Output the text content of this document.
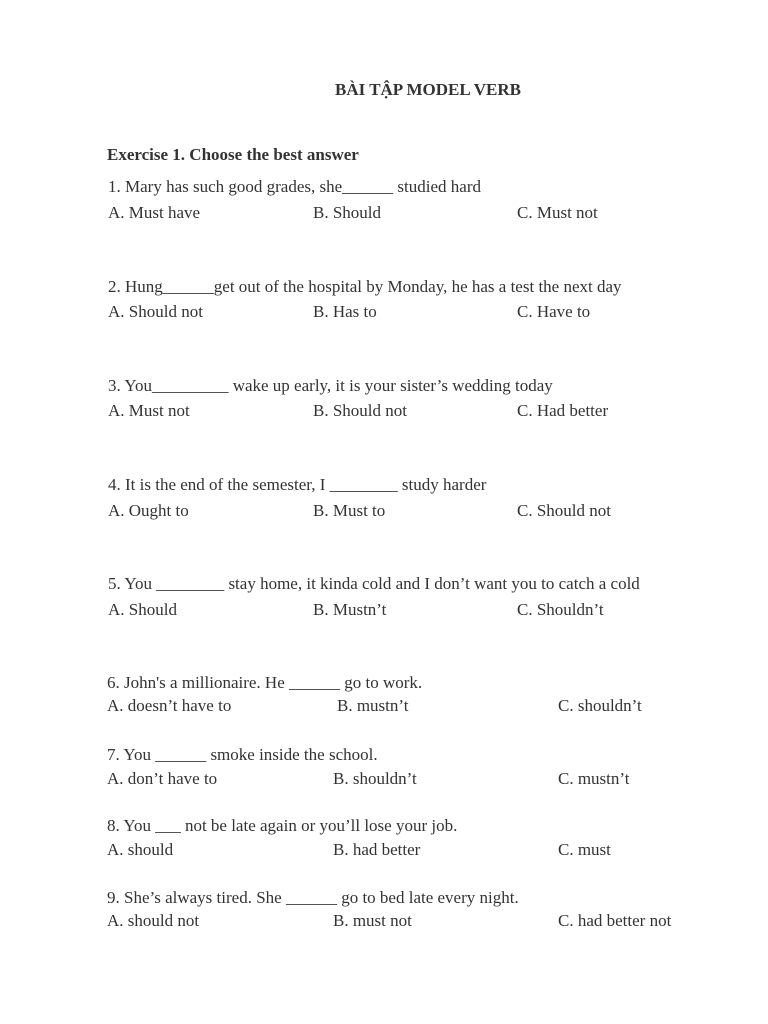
BÀI TẬP MODEL VERB
Exercise 1. Choose the best answer
1. Mary has such good grades, she______ studied hard
A. Must have	B. Should	C. Must not
2. Hung______get out of the hospital by Monday, he has a test the next day
A. Should not	B. Has to	C. Have to
3. You_________ wake up early, it is your sister’s wedding today
A. Must not	B. Should not	C. Had better
4. It is the end of the semester, I ________ study harder
A. Ought to	B. Must to	C. Should not
5. You ________ stay home, it kinda cold and I don’t want you to catch a cold
A. Should	B. Mustn’t	C. Shouldn’t
6. John's a millionaire. He ______ go to work.
A. doesn’t have to	B. mustn’t	C. shouldn’t
7. You ______ smoke inside the school.
A. don’t have to	B. shouldn’t	C. mustn’t
8. You ___ not be late again or you’ll lose your job.
A. should	B. had better	C. must
9. She’s always tired. She ______ go to bed late every night.
A. should not	B. must not	C. had better not
